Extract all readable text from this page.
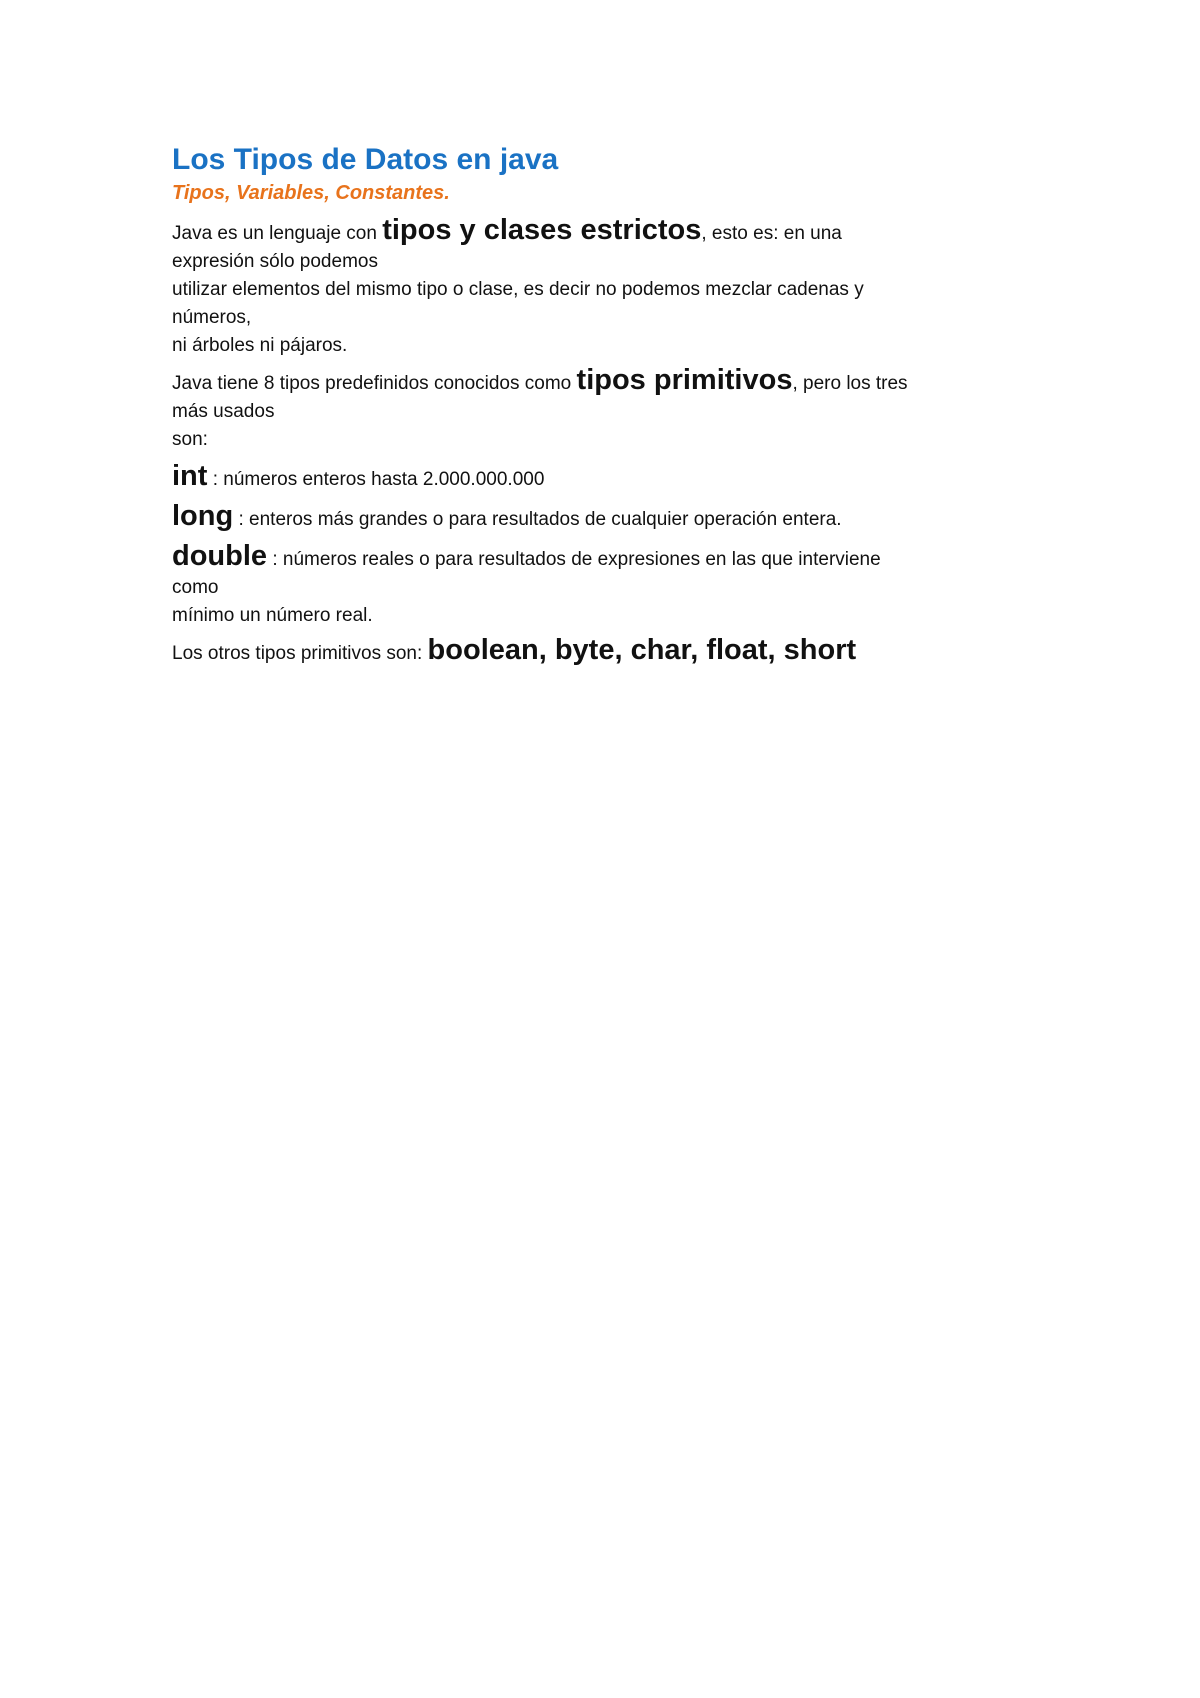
Los Tipos de Datos en java
Tipos, Variables, Constantes.
Java es un lenguaje con tipos y clases estrictos, esto es: en una
expresión sólo podemos
utilizar elementos del mismo tipo o clase, es decir no podemos mezclar cadenas y
números,
ni árboles ni pájaros.
Java tiene 8 tipos predefinidos conocidos como tipos primitivos, pero los tres
más usados
son:
int : números enteros hasta 2.000.000.000
long : enteros más grandes o para resultados de cualquier operación entera.
double : números reales o para resultados de expresiones en las que interviene
como
mínimo un número real.
Los otros tipos primitivos son: boolean, byte, char, float, short
